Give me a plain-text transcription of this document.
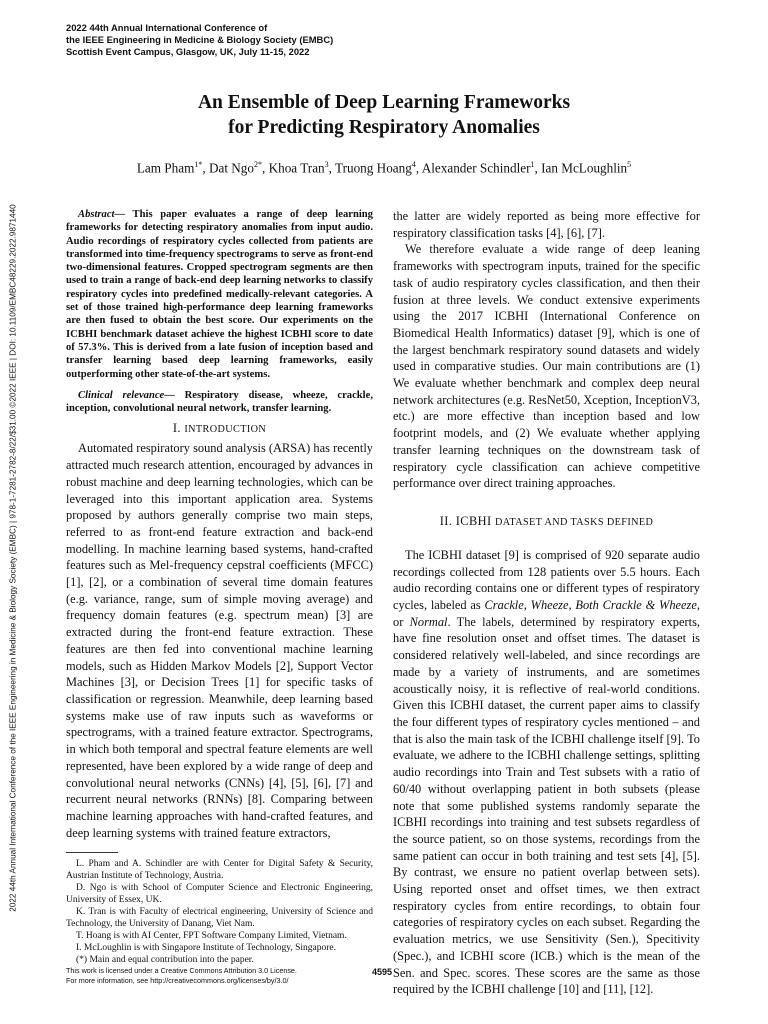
2022 44th Annual International Conference of
the IEEE Engineering in Medicine & Biology Society (EMBC)
Scottish Event Campus, Glasgow, UK, July 11-15, 2022
2022 44th Annual International Conference of the IEEE Engineering in Medicine & Biology Society (EMBC) | 978-1-7281-2782-8/22/$31.00 ©2022 IEEE | DOI: 10.1109/EMBC48229.2022.9871440
An Ensemble of Deep Learning Frameworks
for Predicting Respiratory Anomalies
Lam Pham$^{1*}$, Dat Ngo$^{2*}$, Khoa Tran$^3$, Truong Hoang$^4$, Alexander Schindler$^1$, Ian McLoughlin$^5$

Abstract— This paper evaluates a range of deep learning frameworks for detecting respiratory anomalies from input audio. Audio recordings of respiratory cycles collected from patients are transformed into time-frequency spectrograms to serve as front-end two-dimensional features. Cropped spectrogram segments are then used to train a range of back-end deep learning networks to classify respiratory cycles into predefined medically-relevant categories. A set of those trained high-performance deep learning frameworks are then fused to obtain the best score. Our experiments on the ICBHI benchmark dataset achieve the highest ICBHI score to date of 57.3%. This is derived from a late fusion of inception based and transfer learning based deep learning frameworks, easily outperforming other state-of-the-art systems.

Clinical relevance— Respiratory disease, wheeze, crackle, inception, convolutional neural network, transfer learning.

I. INTRODUCTION

Automated respiratory sound analysis (ARSA) has recently attracted much research attention, encouraged by advances in robust machine and deep learning technologies, which can be leveraged into this important application area. Systems proposed by authors generally comprise two main steps, referred to as front-end feature extraction and back-end modelling. In machine learning based systems, hand-crafted features such as Mel-frequency cepstral coefficients (MFCC) [1], [2], or a combination of several time domain features (e.g. variance, range, sum of simple moving average) and frequency domain features (e.g. spectrum mean) [3] are extracted during the front-end feature extraction. These features are then fed into conventional machine learning models, such as Hidden Markov Models [2], Support Vector Machines [3], or Decision Trees [1] for specific tasks of classification or regression. Meanwhile, deep learning based systems make use of raw inputs such as waveforms or spectrograms, with a trained feature extractor. Spectrograms, in which both temporal and spectral feature elements are well represented, have been explored by a wide range of deep and convolutional neural networks (CNNs) [4], [5], [6], [7] and recurrent neural networks (RNNs) [8]. Comparing between machine learning approaches with hand-crafted features, and deep learning systems with trained feature extractors,

L. Pham and A. Schindler are with Center for Digital Safety & Security, Austrian Institute of Technology, Austria.

D. Ngo is with School of Computer Science and Electronic Engineering, University of Essex, UK.

K. Tran is with Faculty of electrical engineering, University of Science and Technology, the University of Danang, Viet Nam.

T. Hoang is with AI Center, FPT Software Company Limited, Vietnam.

I. McLoughlin is with Singapore Institute of Technology, Singapore.

(*) Main and equal contribution into the paper.

the latter are widely reported as being more effective for respiratory classification tasks [4], [6], [7].

We therefore evaluate a wide range of deep leaning frameworks with spectrogram inputs, trained for the specific task of audio respiratory cycles classification, and then their fusion at three levels. We conduct extensive experiments using the 2017 ICBHI (International Conference on Biomedical Health Informatics) dataset [9], which is one of the largest benchmark respiratory sound datasets and widely used in comparative studies. Our main contributions are (1) We evaluate whether benchmark and complex deep neural network architectures (e.g. ResNet50, Xception, InceptionV3, etc.) are more effective than inception based and low footprint models, and (2) We evaluate whether applying transfer learning techniques on the downstream task of respiratory cycle classification can achieve competitive performance over direct training approaches.

II. ICBHI DATASET AND TASKS DEFINED

The ICBHI dataset [9] is comprised of 920 separate audio recordings collected from 128 patients over 5.5 hours. Each audio recording contains one or different types of respiratory cycles, labeled as Crackle, Wheeze, Both Crackle & Wheeze, or Normal. The labels, determined by respiratory experts, have fine resolution onset and offset times. The dataset is considered relatively well-labeled, and since recordings are made by a variety of instruments, and are sometimes acoustically noisy, it is reflective of real-world conditions. Given this ICBHI dataset, the current paper aims to classify the four different types of respiratory cycles mentioned – and that is also the main task of the ICBHI challenge itself [9]. To evaluate, we adhere to the ICBHI challenge settings, splitting audio recordings into Train and Test subsets with a ratio of 60/40 without overlapping patient in both subsets (please note that some published systems randomly separate the ICBHI recordings into training and test subsets regardless of the source patient, so on those systems, recordings from the same patient can occur in both training and test sets [4], [5]. By contrast, we ensure no patient overlap between sets). Using reported onset and offset times, we then extract respiratory cycles from entire recordings, to obtain four categories of respiratory cycles on each subset. Regarding the evaluation metrics, we use Sensitivity (Sen.), Specitivity (Spec.), and ICBHI score (ICB.) which is the mean of the Sen. and Spec. scores. These scores are the same as those required by the ICBHI challenge [10] and [11], [12].

This work is licensed under a Creative Commons Attribution 3.0 License.
For more information, see http://creativecommons.org/licenses/by/3.0/
4595
